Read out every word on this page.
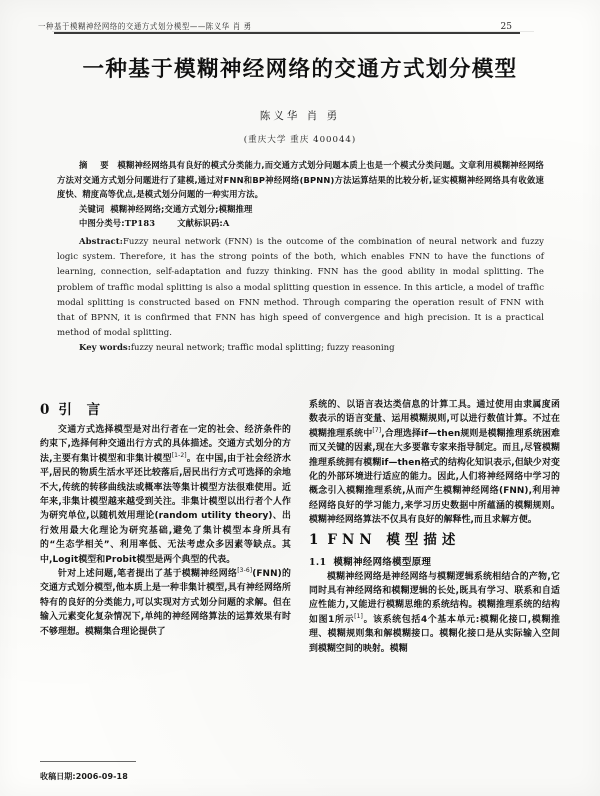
一种基于模糊神经网络的交通方式划分模型——陈义华 肖 勇	25
一种基于模糊神经网络的交通方式划分模型
陈义华 肖 勇
(重庆大学 重庆 400044)
摘 要 模糊神经网络具有良好的模式分类能力,而交通方式划分问题本质上也是一个模式分类问题。文章利用模糊神经网络方法对交通方式划分问题进行了建模,通过对FNN和BP神经网络(BPNN)方法运算结果的比较分析,证实模糊神经网络具有收敛速度快、精度高等优点,是模式划分问题的一种实用方法。
关键词 模糊神经网络;交通方式划分;模糊推理
中图分类号:TP183	文献标识码:A
Abstract:Fuzzy neural network (FNN) is the outcome of the combination of neural network and fuzzy logic system. Therefore, it has the strong points of the both, which enables FNN to have the functions of learning, connection, self-adaptation and fuzzy thinking. FNN has the good ability in modal splitting. The problem of traffic modal splitting is also a modal splitting question in essence. In this article, a model of traffic modal splitting is constructed based on FNN method. Through comparing the operation result of FNN with that of BPNN, it is confirmed that FNN has high speed of convergence and high precision. It is a practical method of modal splitting.
Key words:fuzzy neural network; traffic modal splitting; fuzzy reasoning
0引 言

交通方式选择模型是对出行者在一定的社会、经济条件的约束下,选择何种交通出行方式的具体描述。交通方式划分的方法,主要有集计模型和非集计模型[1-2]。在中国,由于社会经济水平,居民的物质生活水平还比较落后,居民出行方式可选择的余地不大,传统的转移曲线法或概率法等集计模型方法很难使用。近年来,非集计模型越来越受到关注。非集计模型以出行者个人作为研究单位,以随机效用理论(random utility theory)、出行效用最大化理论为研究基础,避免了集计模型本身所具有的“生态学相关”、利用率低、无法考虑众多因素等缺点。其中,Logit模型和Probit模型是两个典型的代表。

针对上述问题,笔者提出了基于模糊神经网络[3-6](FNN)的交通方式划分模型,他本质上是一种非集计模型,具有神经网络所特有的良好的分类能力,可以实现对方式划分问题的求解。但在输入元素变化复杂情况下,单纯的神经网络算法的运算效果有时不够理想。模糊集合理论提供了

收稿日期:2006-09-18

系统的、以语言表达类信息的计算工具。通过使用由隶属度函数表示的语言变量、运用模糊规则,可以进行数值计算。不过在模糊推理系统中[7],合理选择if—then规则是模糊推理系统困难而又关键的因素,现在大多要靠专家来指导制定。而且,尽管模糊推理系统拥有模糊if—then格式的结构化知识表示,但缺少对变化的外部环境进行适应的能力。因此,人们将神经网络中学习的概念引入模糊推理系统,从而产生模糊神经网络(FNN),利用神经网络良好的学习能力,来学习历史数据中所蕴涵的模糊规则。模糊神经网络算法不仅具有良好的解释性,而且求解方便。

1FNN 模型描述
1.1 模糊神经网络模型原理

模糊神经网络是神经网络与模糊逻辑系统相结合的产物,它同时具有神经网络和模糊逻辑的长处,既具有学习、联系和自适应性能力,又能进行模糊思维的系统结构。模糊推理系统的结构如图1所示[1]。该系统包括4个基本单元:模糊化接口,模糊推理、模糊规则集和解模糊接口。模糊化接口是从实际输入空间到模糊空间的映射。模糊
